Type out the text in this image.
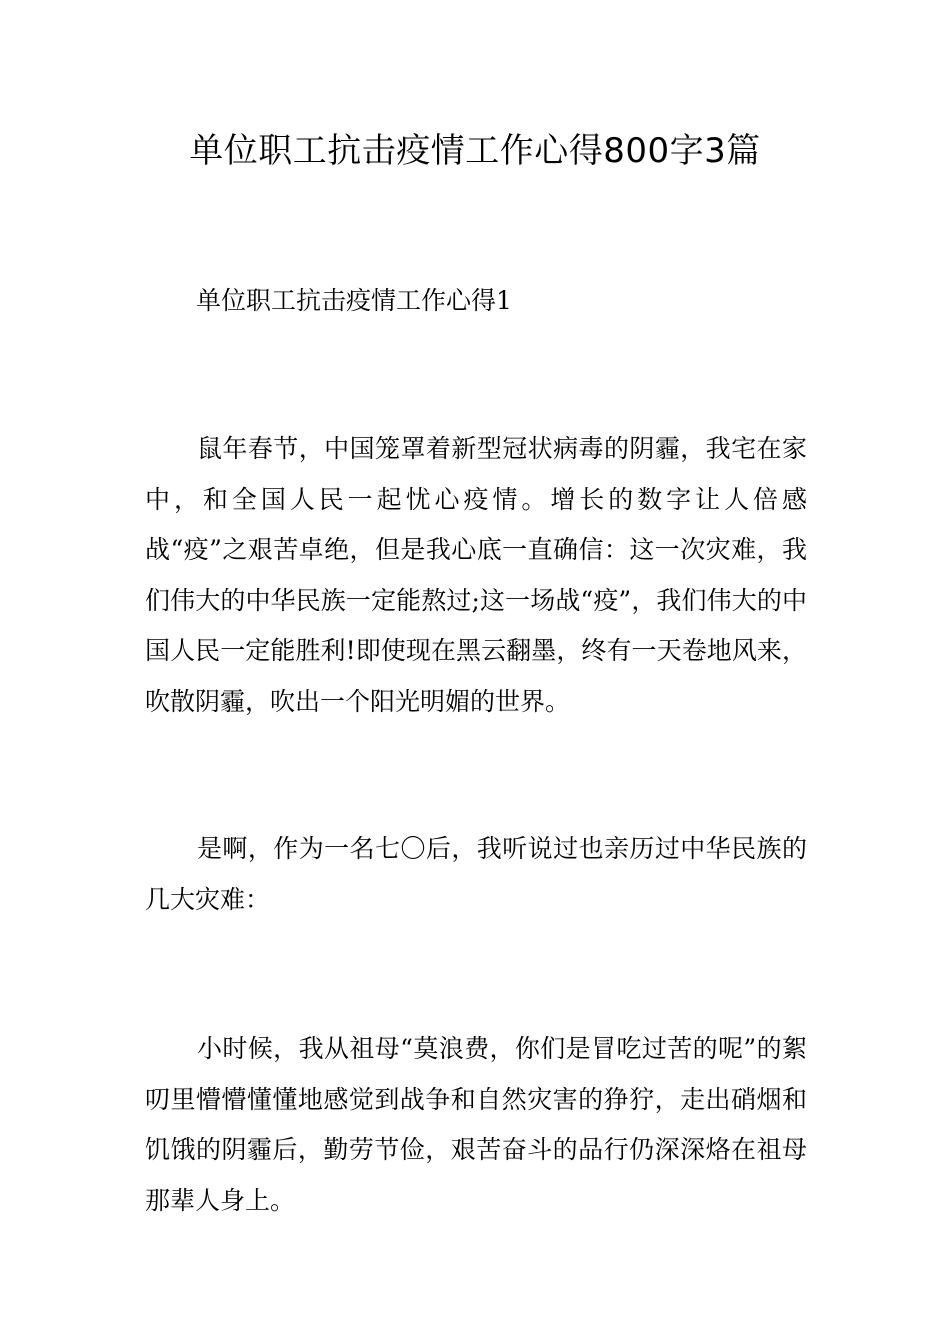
单位职工抗击疫情工作心得800字3篇
单位职工抗击疫情工作心得1

鼠年春节，中国笼罩着新型冠状病毒的阴霾，我宅在家中，和全国人民一起忧心疫情。增长的数字让人倍感战“疫”之艰苦卓绝，但是我心底一直确信：这一次灾难，我们伟大的中华民族一定能熬过;这一场战“疫”，我们伟大的中国人民一定能胜利!即使现在黑云翻墨，终有一天卷地风来，吹散阴霾，吹出一个阳光明媚的世界。

是啊，作为一名七〇后，我听说过也亲历过中华民族的几大灾难：

小时候，我从祖母“莫浪费，你们是冒吃过苦的呢”的絮叨里懵懵懂懂地感觉到战争和自然灾害的狰狞，走出硝烟和饥饿的阴霾后，勤劳节俭，艰苦奋斗的品行仍深深烙在祖母那辈人身上。
